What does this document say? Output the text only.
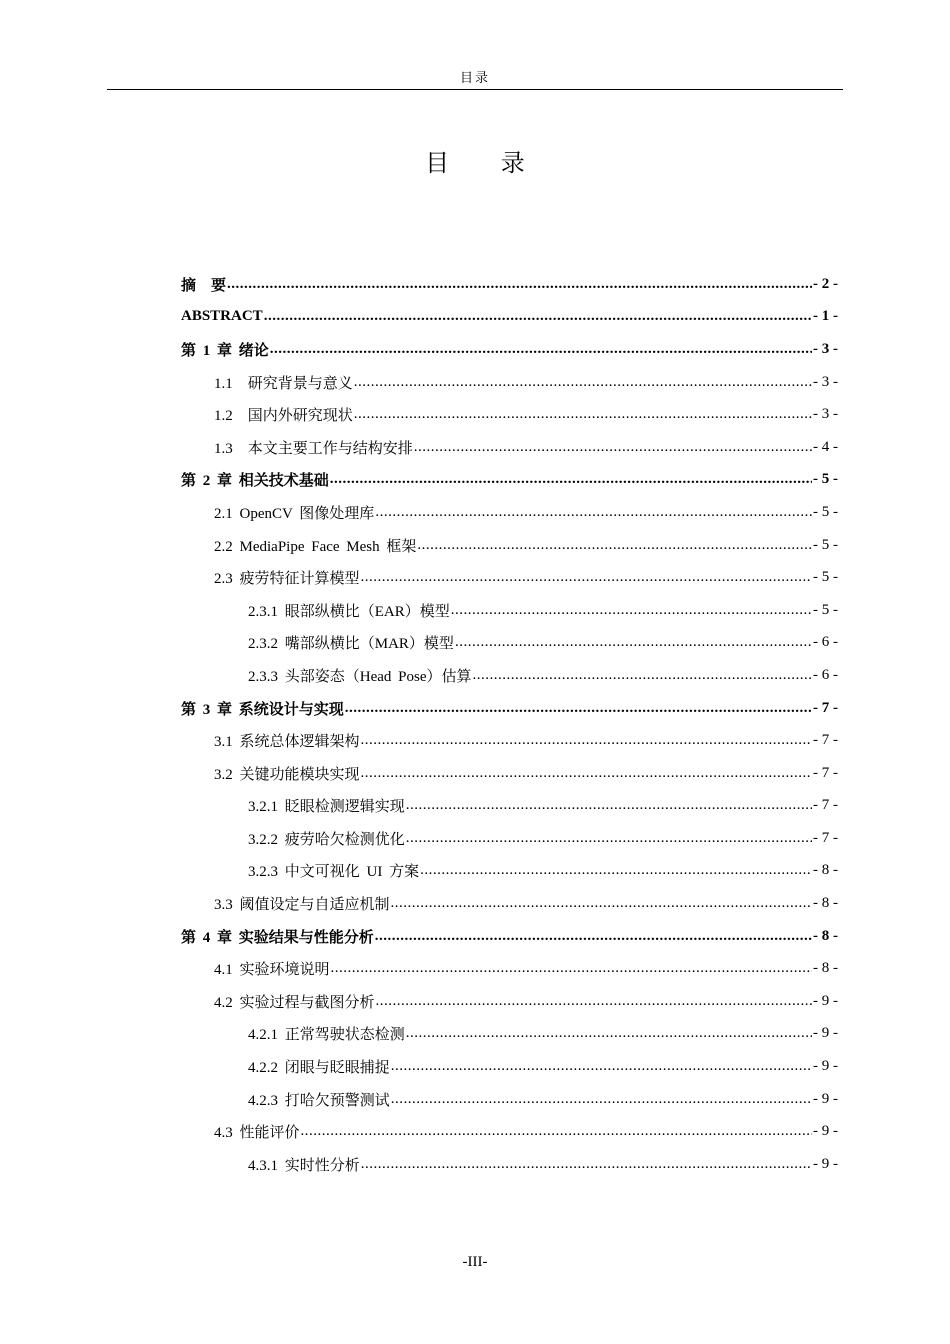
目录
目 录
摘　要 .....	- 2 -
ABSTRACT .....	- 1 -
第 1 章 绪论 .....	- 3 -
1.1　研究背景与意义 .....	- 3 -
1.2　国内外研究现状 .....	- 3 -
1.3　本文主要工作与结构安排 .....	- 4 -
第 2 章 相关技术基础 .....	- 5 -
2.1 OpenCV 图像处理库 .....	- 5 -
2.2 MediaPipe Face Mesh 框架 .....	- 5 -
2.3 疲劳特征计算模型 .....	- 5 -
2.3.1 眼部纵横比（EAR）模型 .....	- 5 -
2.3.2 嘴部纵横比（MAR）模型 .....	- 6 -
2.3.3 头部姿态（Head Pose）估算 .....	- 6 -
第 3 章 系统设计与实现 .....	- 7 -
3.1 系统总体逻辑架构 .....	- 7 -
3.2 关键功能模块实现 .....	- 7 -
3.2.1 眨眼检测逻辑实现 .....	- 7 -
3.2.2 疲劳哈欠检测优化 .....	- 7 -
3.2.3 中文可视化 UI 方案 .....	- 8 -
3.3 阈值设定与自适应机制 .....	- 8 -
第 4 章 实验结果与性能分析 .....	- 8 -
4.1 实验环境说明 .....	- 8 -
4.2 实验过程与截图分析 .....	- 9 -
4.2.1 正常驾驶状态检测 .....	- 9 -
4.2.2 闭眼与眨眼捕捉 .....	- 9 -
4.2.3 打哈欠预警测试 .....	- 9 -
4.3 性能评价 .....	- 9 -
4.3.1 实时性分析 .....	- 9 -
-III-
